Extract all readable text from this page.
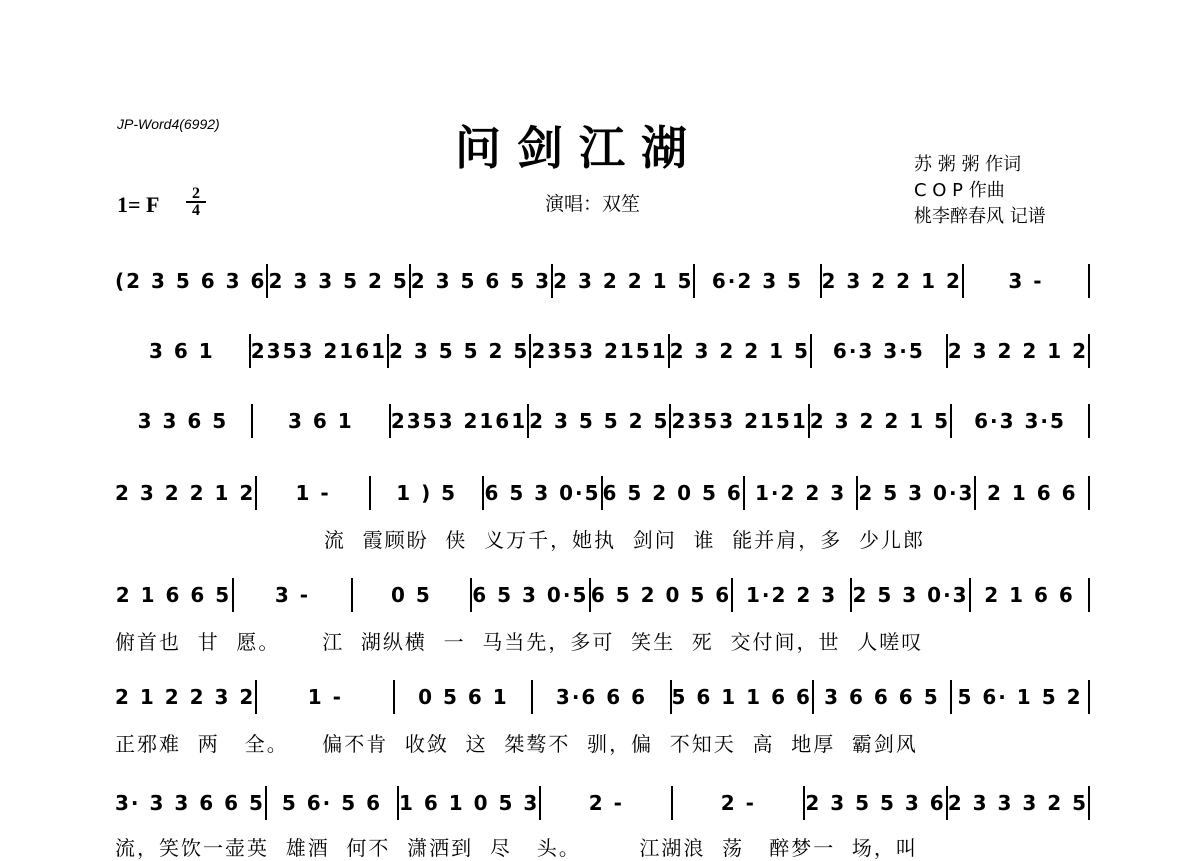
JP-Word4(6992)	问剑江湖
1= F	2
4	演唱：双笙
苏 粥 粥 作词
C O P 作曲
桃李醉春风 记谱
(2 3 5 6 3 6 2 3 3 5 2 5 2 3 5 6 5 3 2 3 2 2 1 5 6·2 3 5 2 3 2 2 1 2	3 -
3 6 1	2353 2161 2 3 5 5 2 5 2353 2151 2 3 2 2 1 5	6·3 3·5	2 3 2 2 1 2
3 3 6 5	3 6 1	2353 2161 2 3 5 5 2 5 2353 2151 2 3 2 2 1 5	6·3 3·5
2 3 2 2 1 2	1 -	1 ) 5	6 5 3 0·5 6 5 2 0 5 6 1·2 2 3 2 5 3 0·3 2 1 6 6
流  霞顾盼  侠  义万千，她执  剑问  谁  能并肩，多  少儿郎
2 1 6 6 5	3 -	0 5	6 5 3 0·5 6 5 2 0 5 6 1·2 2 3 2 5 3 0·3 2 1 6 6
俯首也  甘  愿。     江  湖纵横  一  马当先，多可  笑生  死  交付间，世  人嗟叹
2 1 2 2 3 2	1 -	0 5 6 1	3·6 6 6	5 6 1 1 6 6 3 6 6 6 5 5 6· 1 5 2
正邪难  两   全。    偏不肯  收敛  这  桀骜不  驯，偏  不知天  高  地厚  霸剑风
3· 3 3 6 6 5 5 6· 5 6 1 6 1 0 5 3	2 -	2 -	2 3 5 5 3 6 2 3 3 3 2 5
流，笑饮一壶英  雄酒  何不  潇洒到  尽   头。       江湖浪  荡   醉梦一  场，叫
